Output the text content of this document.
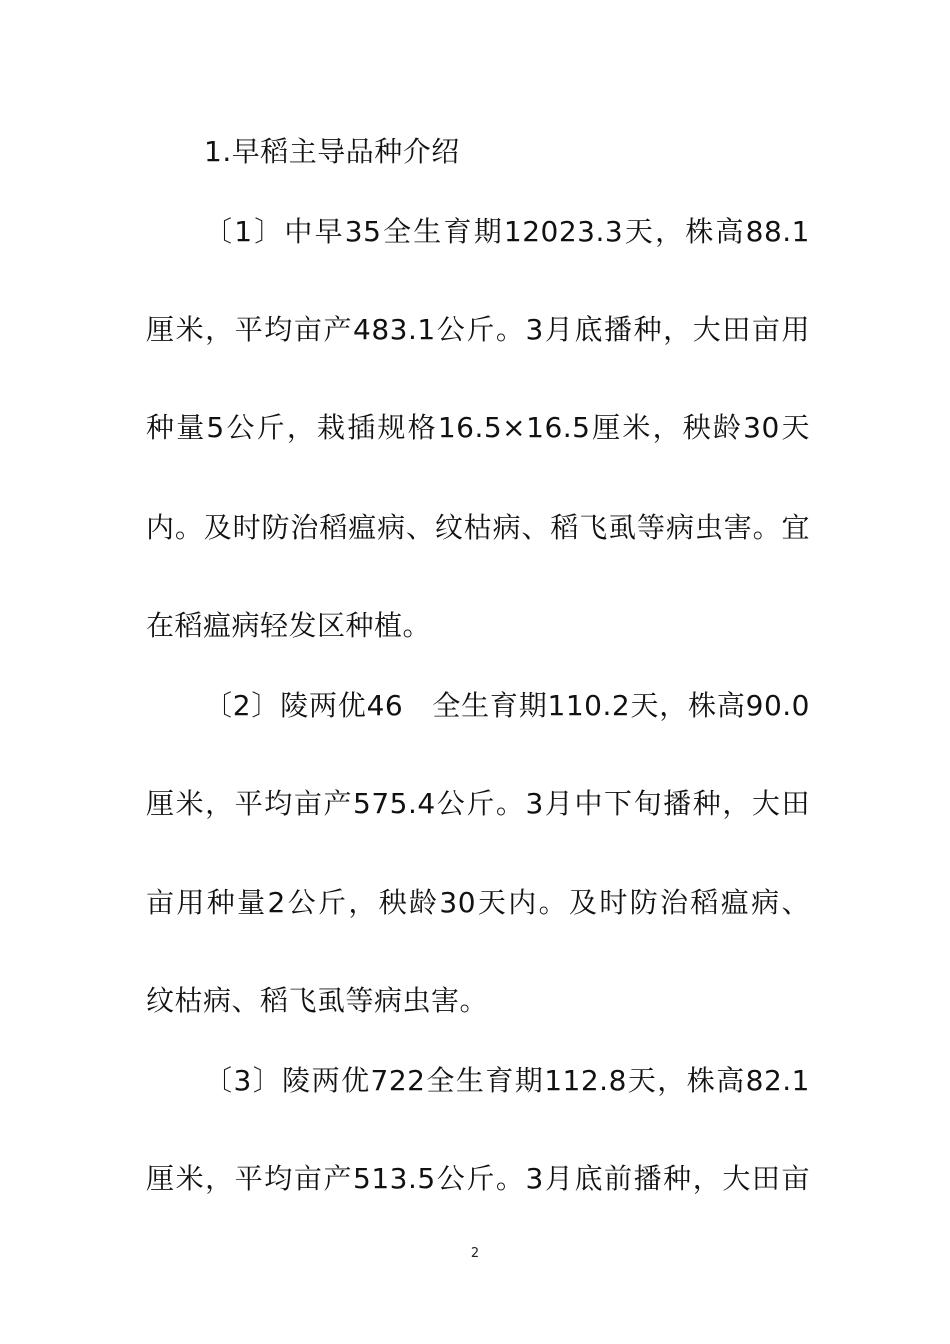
1.早稻主导品种介绍
〔1〕中早35全生育期12023.3天，株高88.1
厘米，平均亩产483.1公斤。3月底播种，大田亩用
种量5公斤，栽插规格16.5×16.5厘米，秧龄30天
内。及时防治稻瘟病、纹枯病、稻飞虱等病虫害。宜
在稻瘟病轻发区种植。
〔2〕陵两优46　全生育期110.2天，株高90.0
厘米，平均亩产575.4公斤。3月中下旬播种，大田
亩用种量2公斤，秧龄30天内。及时防治稻瘟病、
纹枯病、稻飞虱等病虫害。
〔3〕陵两优722全生育期112.8天，株高82.1
厘米，平均亩产513.5公斤。3月底前播种，大田亩
2
